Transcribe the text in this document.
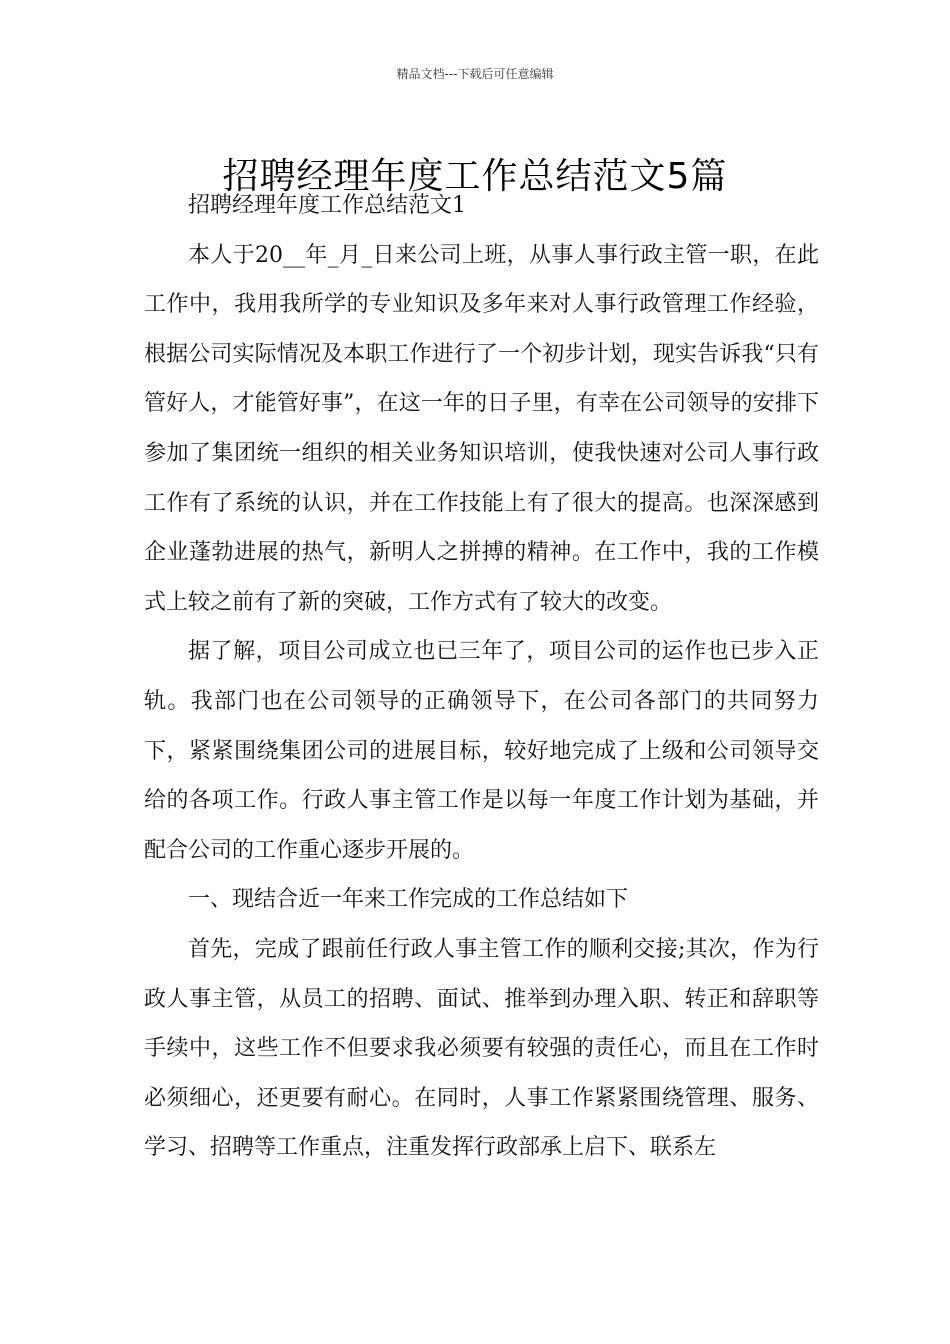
精品文档---下载后可任意编辑
招聘经理年度工作总结范文5篇

招聘经理年度工作总结范文1

本人于20__年_月_日来公司上班，从事人事行政主管一职，在此工作中，我用我所学的专业知识及多年来对人事行政管理工作经验，根据公司实际情况及本职工作进行了一个初步计划，现实告诉我“只有管好人，才能管好事”，在这一年的日子里，有幸在公司领导的安排下参加了集团统一组织的相关业务知识培训，使我快速对公司人事行政工作有了系统的认识，并在工作技能上有了很大的提高。也深深感到企业蓬勃进展的热气，新明人之拼搏的精神。在工作中，我的工作模式上较之前有了新的突破，工作方式有了较大的改变。

据了解，项目公司成立也已三年了，项目公司的运作也已步入正轨。我部门也在公司领导的正确领导下，在公司各部门的共同努力下，紧紧围绕集团公司的进展目标，较好地完成了上级和公司领导交给的各项工作。行政人事主管工作是以每一年度工作计划为基础，并配合公司的工作重心逐步开展的。

一、现结合近一年来工作完成的工作总结如下

首先，完成了跟前任行政人事主管工作的顺利交接;其次，作为行政人事主管，从员工的招聘、面试、推举到办理入职、转正和辞职等手续中，这些工作不但要求我必须要有较强的责任心，而且在工作时必须细心，还更要有耐心。在同时，人事工作紧紧围绕管理、服务、学习、招聘等工作重点，注重发挥行政部承上启下、联系左
